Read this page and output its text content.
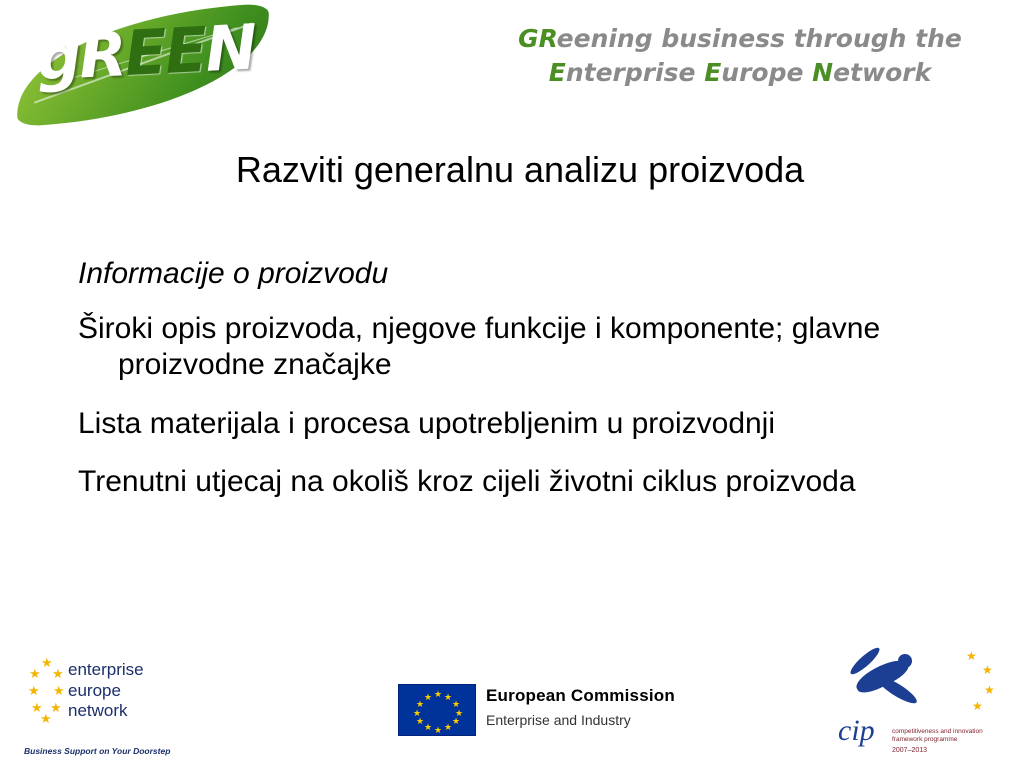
gREEN	GReening business through the
Enterprise Europe Network
Razviti generalnu analizu proizvoda
Informacije o proizvodu
Široki opis proizvoda, njegove funkcije i komponente; glavne proizvodne značajke
Lista materijala i procesa upotrebljenim u proizvodnji
Trenutni utjecaj na okoliš kroz cijeli životni ciklus proizvoda
★
★ ★
★ ★
★ ★
★
enterprise
europe
network
Business Support on Your Doorstep
★
★ ★
★	★
★	★
★	★
★ ★
★
European Commission
Enterprise and Industry
★
★
★
★
cip	competitiveness and innovation framework programme
2007–2013
